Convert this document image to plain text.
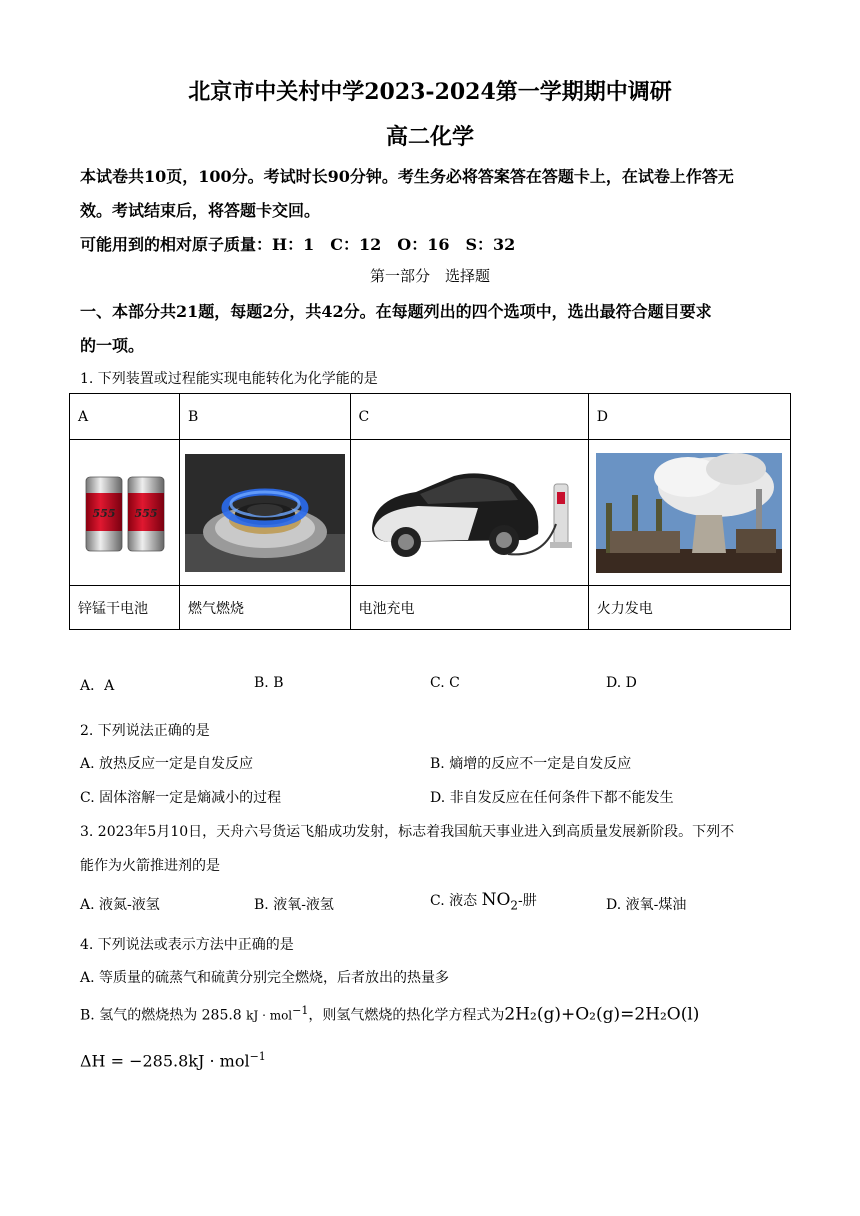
北京市中关村中学2023-2024第一学期期中调研
高二化学
本试卷共10页，100分。考试时长90分钟。考生务必将答案答在答题卡上，在试卷上作答无
效。考试结束后，将答题卡交回。
可能用到的相对原子质量：H：1　C：12　O：16　S：32
第一部分　选择题
一、本部分共21题，每题2分，共42分。在每题列出的四个选项中，选出最符合题目要求
的一项。
1. 下列装置或过程能实现电能转化为化学能的是
A	B	C	D

555 555

锌锰干电池	燃气燃烧	电池充电	火力发电
A．A	B. B	C. C	D. D
2. 下列说法正确的是
A. 放热反应一定是自发反应	B. 熵增的反应不一定是自发反应
C. 固体溶解一定是熵减小的过程	D. 非自发反应在任何条件下都不能发生
3. 2023年5月10日，天舟六号货运飞船成功发射，标志着我国航天事业进入到高质量发展新阶段。下列不
能作为火箭推进剂的是
A. 液氮-液氢	B. 液氧-液氢	C. 液态 $NO_2-$肼	D. 液氧-煤油
4. 下列说法或表示方法中正确的是
A. 等质量的硫蒸气和硫黄分别完全燃烧，后者放出的热量多
B. 氢气的燃烧热为 285.8 kJ · mol$^{-1}$，则氢气燃烧的热化学方程式为2H₂(g)+O₂(g)=2H₂O(l)
ΔH = −285.8kJ · mol$^{-1}$
